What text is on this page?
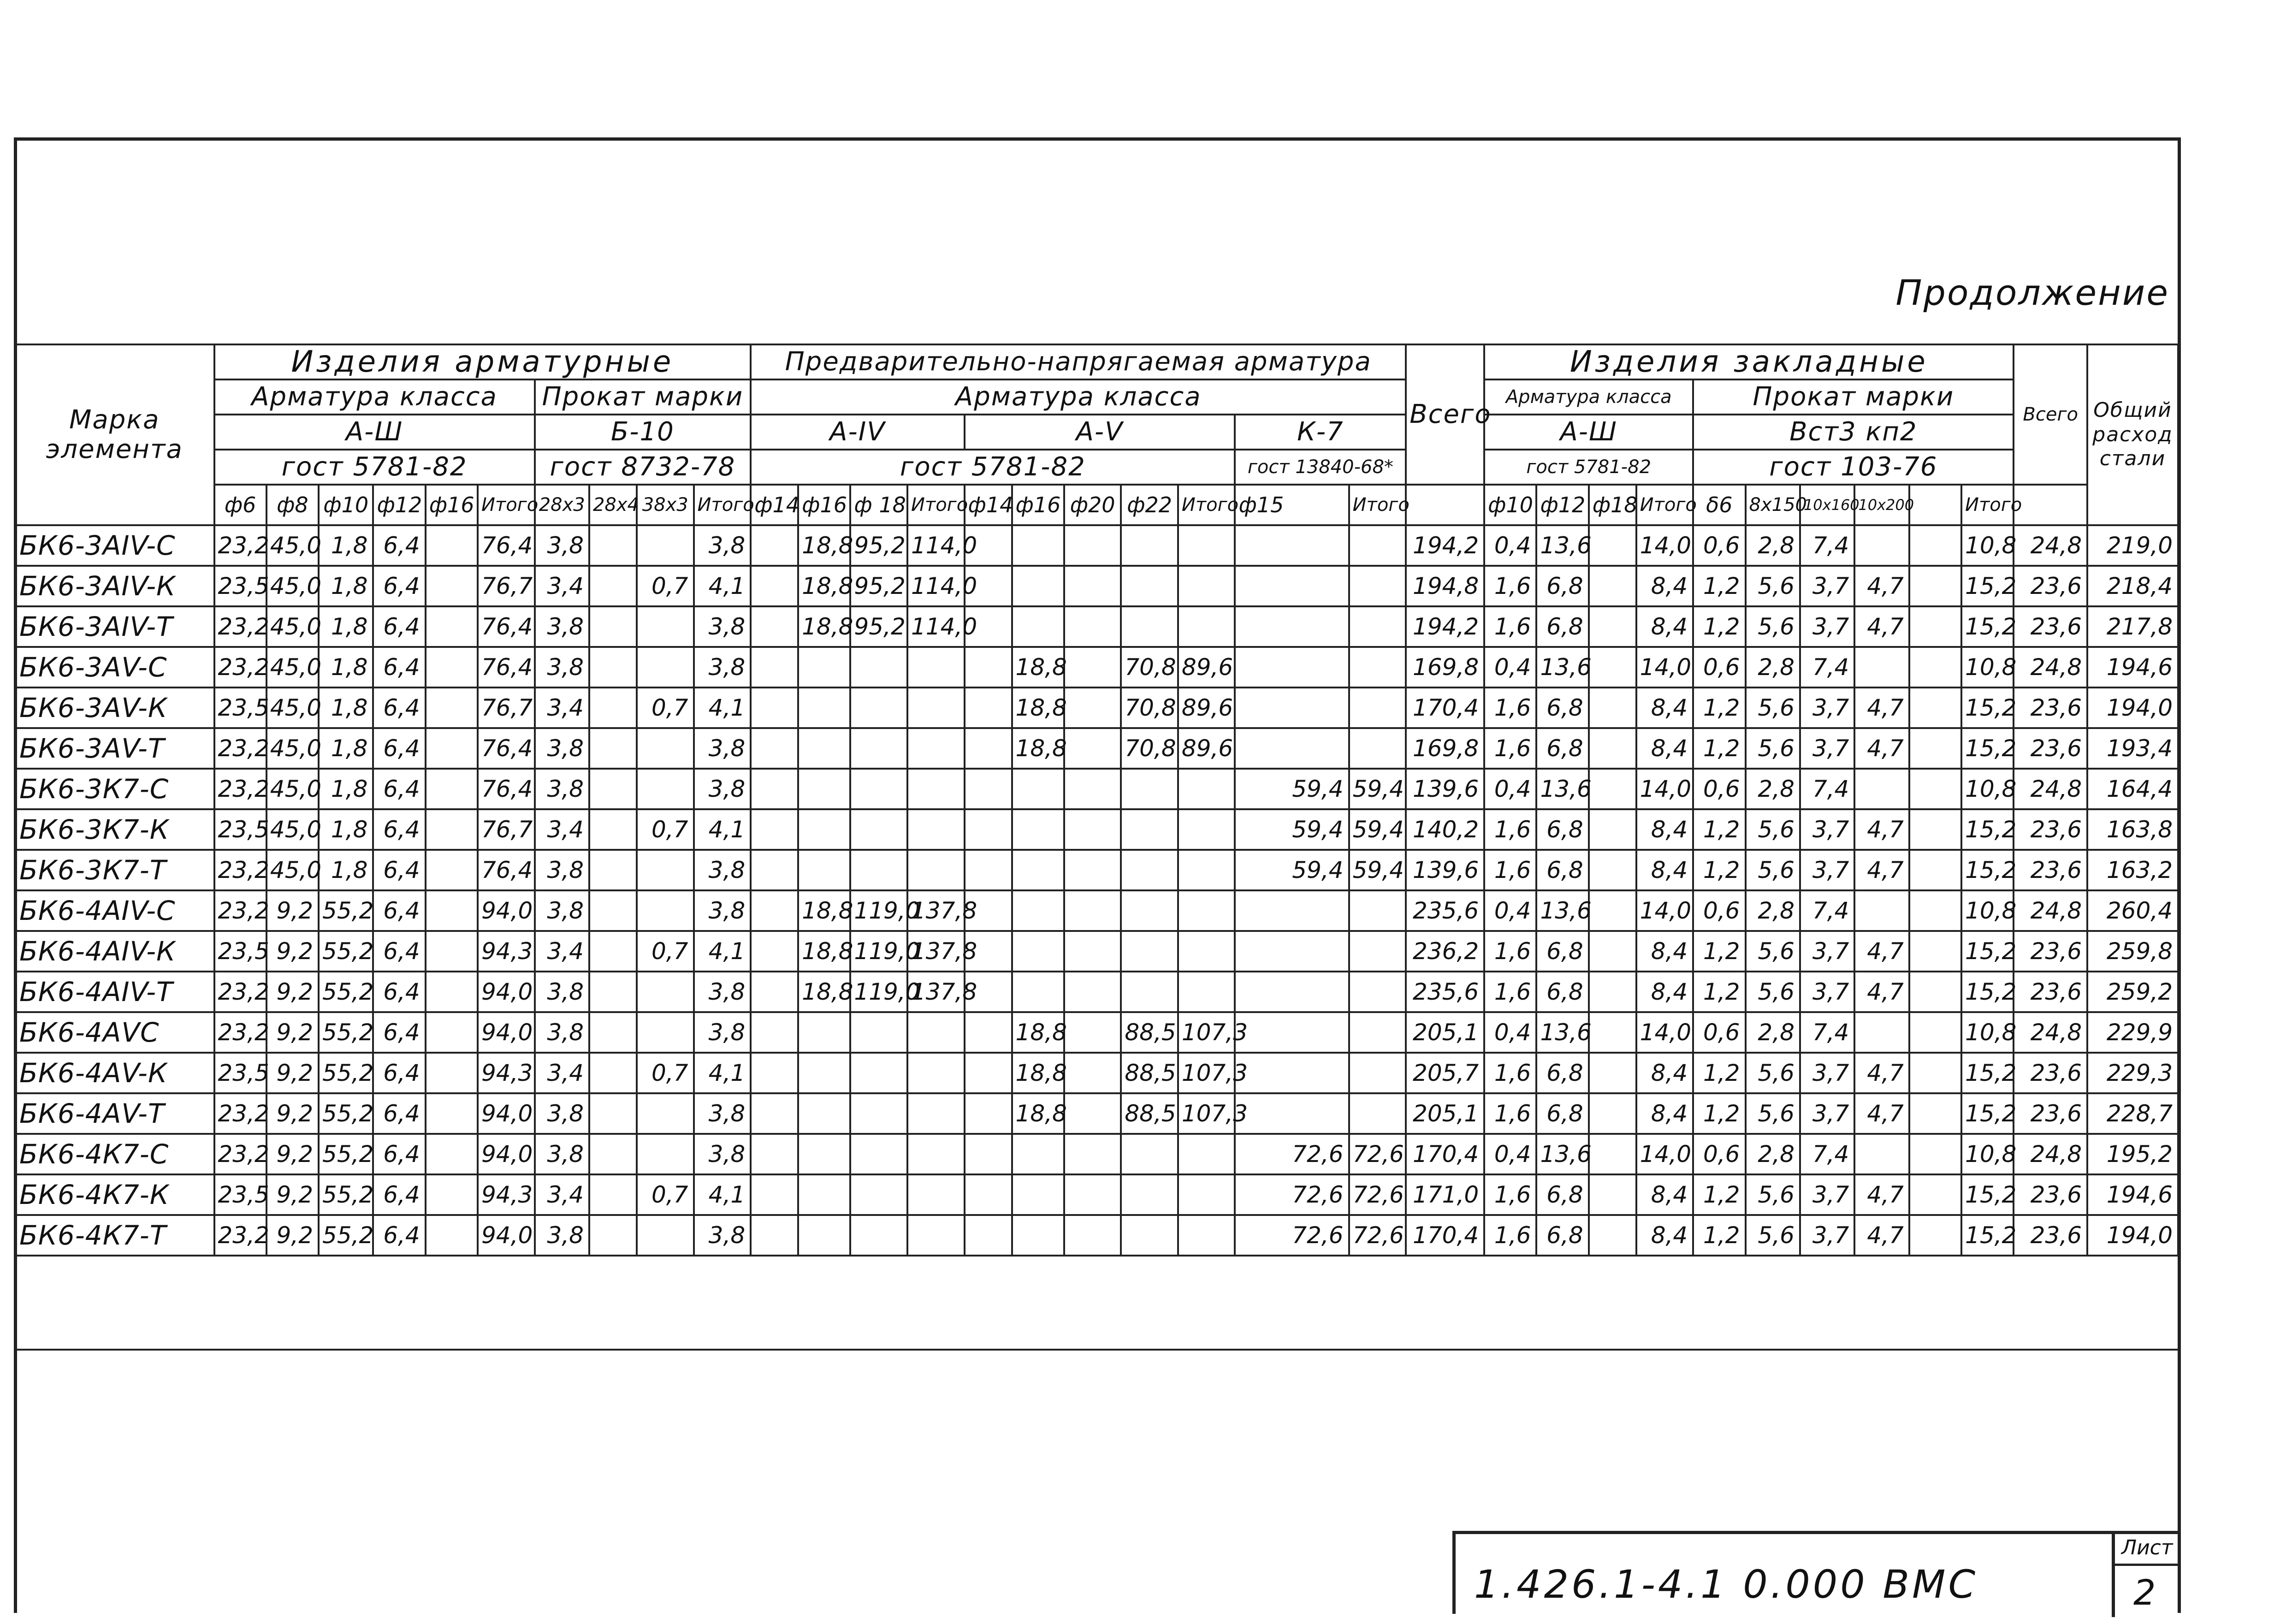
Продолжение
Марка элемента	Изделия арматурные										Предварительно-напрягаемая арматура											Всего	Изделия закладные										Всего	Общий расход стали
	Арматура класса						Прокат марки				Арматура класса												Арматура класса				Прокат марки							
	А-Ш						Б-10				А-IV				А-V					К-7			А-Ш				Вст3 кп2							
	гост 5781-82						гост 8732-78				гост 5781-82									гост 13840-68*			гост 5781-82				гост 103-76							
	ф6	ф8	ф10	ф12	ф16	Итого	28х3	28х4	38х3	Итого	ф14	ф16	ф 18	Итого	ф14	ф16	ф20	ф22	Итого	ф15	Итого		ф10	ф12	ф18	Итого	δ6	8х150	10х160	10х200		Итого		
БК6-3АIV-С	23,2	45,0	1,8	6,4		76,4	3,8			3,8		18,8	95,2	114,0								194,2	0,4	13,6		14,0	0,6	2,8	7,4			10,8	24,8	219,0
БК6-3АIV-К	23,5	45,0	1,8	6,4		76,7	3,4		0,7	4,1		18,8	95,2	114,0								194,8	1,6	6,8		8,4	1,2	5,6	3,7	4,7		15,2	23,6	218,4
БК6-3АIV-Т	23,2	45,0	1,8	6,4		76,4	3,8			3,8		18,8	95,2	114,0								194,2	1,6	6,8		8,4	1,2	5,6	3,7	4,7		15,2	23,6	217,8
БК6-3АV-С	23,2	45,0	1,8	6,4		76,4	3,8			3,8						18,8		70,8	89,6			169,8	0,4	13,6		14,0	0,6	2,8	7,4			10,8	24,8	194,6
БК6-3АV-К	23,5	45,0	1,8	6,4		76,7	3,4		0,7	4,1						18,8		70,8	89,6			170,4	1,6	6,8		8,4	1,2	5,6	3,7	4,7		15,2	23,6	194,0
БК6-3АV-Т	23,2	45,0	1,8	6,4		76,4	3,8			3,8						18,8		70,8	89,6			169,8	1,6	6,8		8,4	1,2	5,6	3,7	4,7		15,2	23,6	193,4
БК6-3К7-С	23,2	45,0	1,8	6,4		76,4	3,8			3,8										59,4	59,4	139,6	0,4	13,6		14,0	0,6	2,8	7,4			10,8	24,8	164,4
БК6-3К7-К	23,5	45,0	1,8	6,4		76,7	3,4		0,7	4,1										59,4	59,4	140,2	1,6	6,8		8,4	1,2	5,6	3,7	4,7		15,2	23,6	163,8
БК6-3К7-Т	23,2	45,0	1,8	6,4		76,4	3,8			3,8										59,4	59,4	139,6	1,6	6,8		8,4	1,2	5,6	3,7	4,7		15,2	23,6	163,2
БК6-4АIV-С	23,2	9,2	55,2	6,4		94,0	3,8			3,8		18,8	119,0	137,8								235,6	0,4	13,6		14,0	0,6	2,8	7,4			10,8	24,8	260,4
БК6-4АIV-К	23,5	9,2	55,2	6,4		94,3	3,4		0,7	4,1		18,8	119,0	137,8								236,2	1,6	6,8		8,4	1,2	5,6	3,7	4,7		15,2	23,6	259,8
БК6-4АIV-Т	23,2	9,2	55,2	6,4		94,0	3,8			3,8		18,8	119,0	137,8								235,6	1,6	6,8		8,4	1,2	5,6	3,7	4,7		15,2	23,6	259,2
БК6-4АVС	23,2	9,2	55,2	6,4		94,0	3,8			3,8						18,8		88,5	107,3			205,1	0,4	13,6		14,0	0,6	2,8	7,4			10,8	24,8	229,9
БК6-4АV-К	23,5	9,2	55,2	6,4		94,3	3,4		0,7	4,1						18,8		88,5	107,3			205,7	1,6	6,8		8,4	1,2	5,6	3,7	4,7		15,2	23,6	229,3
БК6-4АV-Т	23,2	9,2	55,2	6,4		94,0	3,8			3,8						18,8		88,5	107,3			205,1	1,6	6,8		8,4	1,2	5,6	3,7	4,7		15,2	23,6	228,7
БК6-4К7-С	23,2	9,2	55,2	6,4		94,0	3,8			3,8										72,6	72,6	170,4	0,4	13,6		14,0	0,6	2,8	7,4			10,8	24,8	195,2
БК6-4К7-К	23,5	9,2	55,2	6,4		94,3	3,4		0,7	4,1										72,6	72,6	171,0	1,6	6,8		8,4	1,2	5,6	3,7	4,7		15,2	23,6	194,6
БК6-4К7-Т	23,2	9,2	55,2	6,4		94,0	3,8			3,8										72,6	72,6	170,4	1,6	6,8		8,4	1,2	5,6	3,7	4,7		15,2	23,6	194,0
1.426.1-4.1 0.000 ВМС
Лист
2
